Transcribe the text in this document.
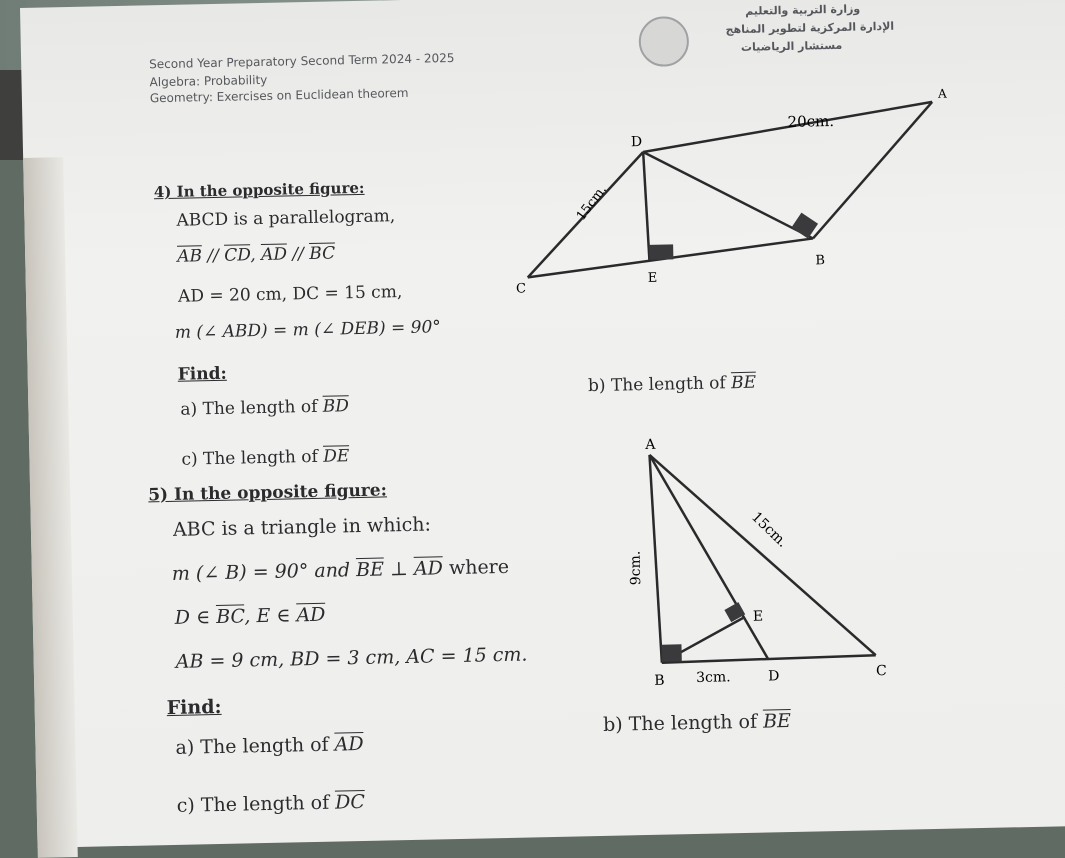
Second Year Preparatory Second Term 2024 - 2025
Algebra: Probability
Geometry: Exercises on Euclidean theorem
وزارة التربية والتعليم
الإدارة المركزية لتطوير المناهج
مستشار الرياضيات
4) In the opposite figure:
ABCD is a parallelogram,
$\overline{AB} // \overline{CD}$, $\overline{AD} // \overline{BC}$
AD = 20 cm, DC = 15 cm,
m (∠ ABD) = m (∠ DEB) = 90°
Find:
a) The length of $\overline{BD}$
b) The length of $\overline{BE}$
c) The length of $\overline{DE}$
A
D
C
B
E
20cm.
15cm.
5) In the opposite figure:
ABC is a triangle in which:
m (∠ B) = 90° and $\overline{BE}$ ⊥ $\overline{AD}$ where
D ∈ $\overline{BC}$, E ∈ $\overline{AD}$
AB = 9 cm, BD = 3 cm, AC = 15 cm.
Find:
a) The length of $\overline{AD}$
b) The length of $\overline{BE}$
c) The length of $\overline{DC}$
A
B
C
D
E
9cm.
3cm.
15cm.
